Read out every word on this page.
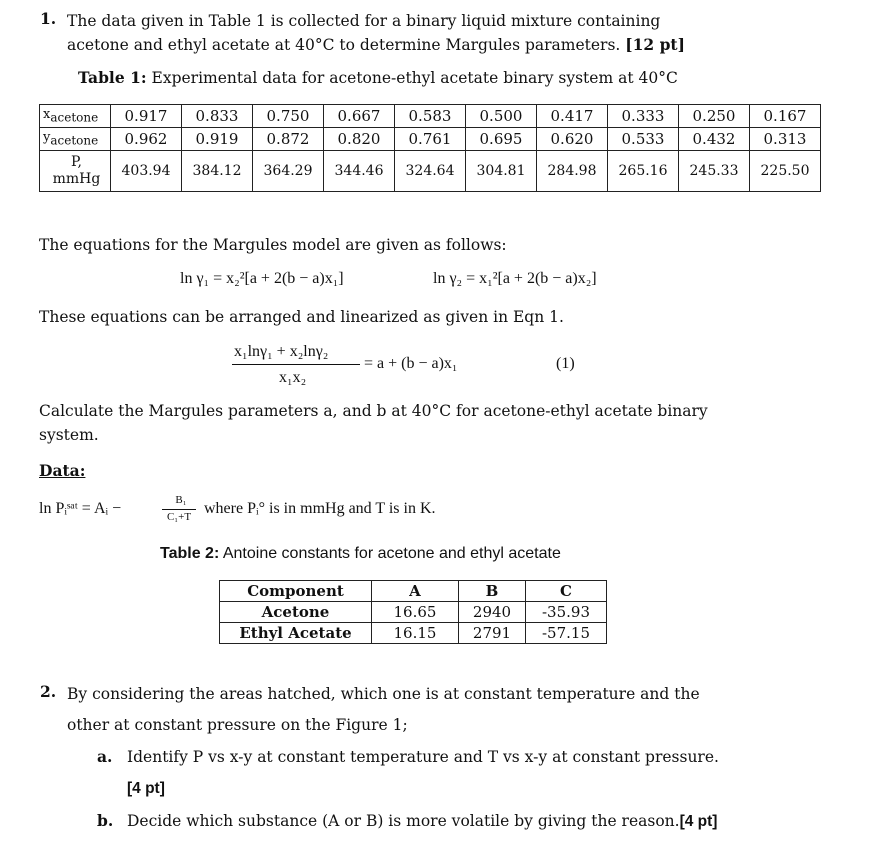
1. The data given in Table 1 is collected for a binary liquid mixture containing
acetone and ethyl acetate at 40°C to determine Margules parameters. [12 pt]
Table 1: Experimental data for acetone-ethyl acetate binary system at 40°C
$x_{acetone}$	0.917	0.833	0.750	0.667	0.583	0.500	0.417	0.333	0.250	0.167
$y_{acetone}$	0.962	0.919	0.872	0.820	0.761	0.695	0.620	0.533	0.432	0.313

P,
mmHg	403.94	384.12	364.29	344.46	324.64	304.81	284.98	265.16	245.33	225.50
The equations for the Margules model are given as follows:
ln γ₁ = x₂²[a + 2(b − a)x₁]	ln γ₂ = x₁²[a + 2(b − a)x₂]
These equations can be arranged and linearized as given in Eqn 1.
x₁lnγ₁ + x₂lnγ₂
x₁x₂
= a + (b − a)x₁	(1)
Calculate the Margules parameters a, and b at 40°C for acetone-ethyl acetate binary
system.
Data:
ln Pᵢˢᵃᵗ = Aᵢ −	B₁
C₁+T where Pᵢ° is in mmHg and T is in K.
Table 2: Antoine constants for acetone and ethyl acetate
Component	A	B	C
Acetone	16.65	2940	-35.93
Ethyl Acetate	16.15	2791	-57.15
2. By considering the areas hatched, which one is at constant temperature and the
other at constant pressure on the Figure 1;
a. Identify P vs x-y at constant temperature and T vs x-y at constant pressure.
[4 pt]
b. Decide which substance (A or B) is more volatile by giving the reason.[4 pt]
